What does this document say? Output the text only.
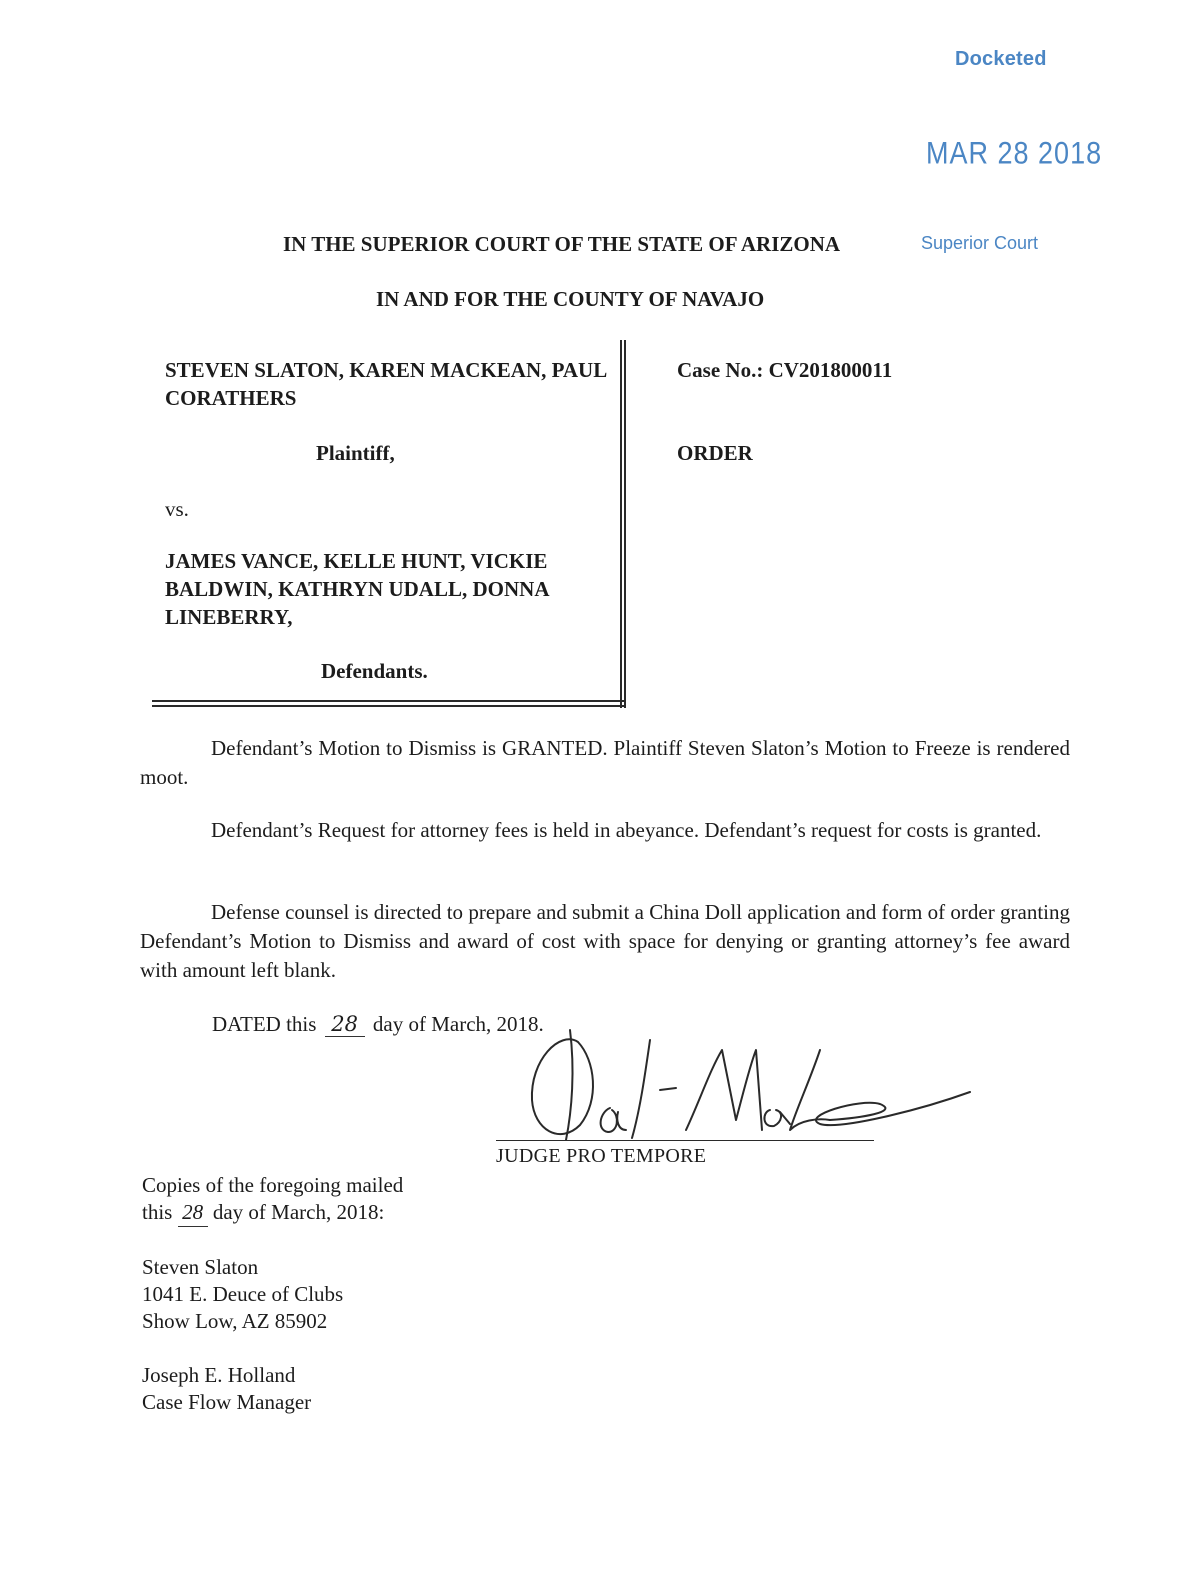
Docketed
MAR 28 2018
Superior Court
IN THE SUPERIOR COURT OF THE STATE OF ARIZONA
IN AND FOR THE COUNTY OF NAVAJO
STEVEN SLATON, KAREN MACKEAN, PAUL CORATHERS
Plaintiff,
vs.
JAMES VANCE, KELLE HUNT, VICKIE BALDWIN, KATHRYN UDALL, DONNA LINEBERRY,
Defendants.
Case No.: CV201800011
ORDER
Defendant’s Motion to Dismiss is GRANTED. Plaintiff Steven Slaton’s Motion to Freeze is rendered moot.
Defendant’s Request for attorney fees is held in abeyance. Defendant’s request for costs is granted.
Defense counsel is directed to prepare and submit a China Doll application and form of order granting Defendant’s Motion to Dismiss and award of cost with space for denying or granting attorney’s fee award with amount left blank.
DATED this 28 day of March, 2018.
JUDGE PRO TEMPORE
Copies of the foregoing mailed
this 28 day of March, 2018:
Steven Slaton
1041 E. Deuce of Clubs
Show Low, AZ 85902
Joseph E. Holland
Case Flow Manager
